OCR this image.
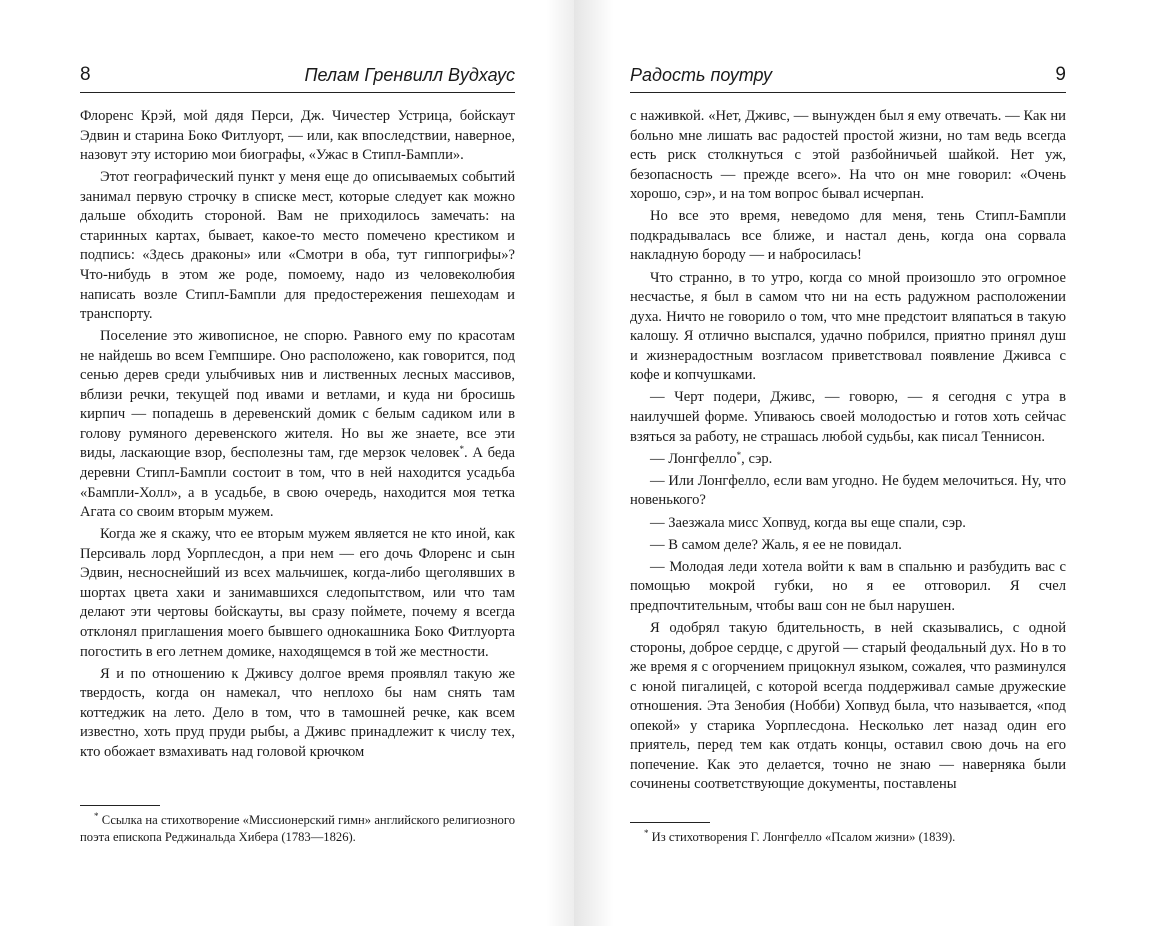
8	Пелам Гренвилл Вудхаус

Флоренс Крэй, мой дядя Перси, Дж. Чичестер Устрица, бойскаут Эдвин и старина Боко Фитлуорт, — или, как впоследствии, наверное, назовут эту историю мои биографы, «Ужас в Стипл-Бампли».

Этот географический пункт у меня еще до описываемых событий занимал первую строчку в списке мест, которые следует как можно дальше обходить стороной. Вам не приходилось замечать: на старинных картах, бывает, какое-то место помечено крестиком и подпись: «Здесь драконы» или «Смотри в оба, тут гиппогрифы»? Что-нибудь в этом же роде, помоему, надо из человеколюбия написать возле Стипл-Бампли для предостережения пешеходам и транспорту.

Поселение это живописное, не спорю. Равного ему по красотам не найдешь во всем Гемпшире. Оно расположено, как говорится, под сенью дерев среди улыбчивых нив и лиственных лесных массивов, вблизи речки, текущей под ивами и ветлами, и куда ни бросишь кирпич — попадешь в деревенский домик с белым садиком или в голову румяного деревенского жителя. Но вы же знаете, все эти виды, ласкающие взор, бесполезны там, где мерзок человек*. А беда деревни Стипл-Бампли состоит в том, что в ней находится усадьба «Бампли-Холл», а в усадьбе, в свою очередь, находится моя тетка Агата со своим вторым мужем.

Когда же я скажу, что ее вторым мужем является не кто иной, как Персиваль лорд Уорплесдон, а при нем — его дочь Флоренс и сын Эдвин, несноснейший из всех мальчишек, когда-либо щеголявших в шортах цвета хаки и занимавшихся следопытством, или что там делают эти чертовы бойскауты, вы сразу поймете, почему я всегда отклонял приглашения моего бывшего однокашника Боко Фитлуорта погостить в его летнем домике, находящемся в той же местности.

Я и по отношению к Дживсу долгое время проявлял такую же твердость, когда он намекал, что неплохо бы нам снять там коттеджик на лето. Дело в том, что в тамошней речке, как всем известно, хоть пруд пруди рыбы, а Дживс принадлежит к числу тех, кто обожает взмахивать над головой крючком

* Ссылка на стихотворение «Миссионерский гимн» английского религиозного поэта епископа Реджинальда Хибера (1783—1826).
Радость поутру	9

с наживкой. «Нет, Дживс, — вынужден был я ему отвечать. — Как ни больно мне лишать вас радостей простой жизни, но там ведь всегда есть риск столкнуться с этой разбойничьей шайкой. Нет уж, безопасность — прежде всего». На что он мне говорил: «Очень хорошо, сэр», и на том вопрос бывал исчерпан.

Но все это время, неведомо для меня, тень Стипл-Бампли подкрадывалась все ближе, и настал день, когда она сорвала накладную бороду — и набросилась!

Что странно, в то утро, когда со мной произошло это огромное несчастье, я был в самом что ни на есть радужном расположении духа. Ничто не говорило о том, что мне предстоит вляпаться в такую калошу. Я отлично выспался, удачно побрился, приятно принял душ и жизнерадостным возгласом приветствовал появление Дживса с кофе и копчушками.

— Черт подери, Дживс, — говорю, — я сегодня с утра в наилучшей форме. Упиваюсь своей молодостью и готов хоть сейчас взяться за работу, не страшась любой судьбы, как писал Теннисон.

— Лонгфелло*, сэр.

— Или Лонгфелло, если вам угодно. Не будем мелочиться. Ну, что новенького?

— Заезжала мисс Хопвуд, когда вы еще спали, сэр.

— В самом деле? Жаль, я ее не повидал.

— Молодая леди хотела войти к вам в спальню и разбудить вас с помощью мокрой губки, но я ее отговорил. Я счел предпочтительным, чтобы ваш сон не был нарушен.

Я одобрял такую бдительность, в ней сказывались, с одной стороны, доброе сердце, с другой — старый феодальный дух. Но в то же время я с огорчением прицокнул языком, сожалея, что разминулся с юной пигалицей, с которой всегда поддерживал самые дружеские отношения. Эта Зенобия (Нобби) Хопвуд была, что называется, «под опекой» у старика Уорплесдона. Несколько лет назад один его приятель, перед тем как отдать концы, оставил свою дочь на его попечение. Как это делается, точно не знаю — наверняка были сочинены соответствующие документы, поставлены

* Из стихотворения Г. Лонгфелло «Псалом жизни» (1839).
